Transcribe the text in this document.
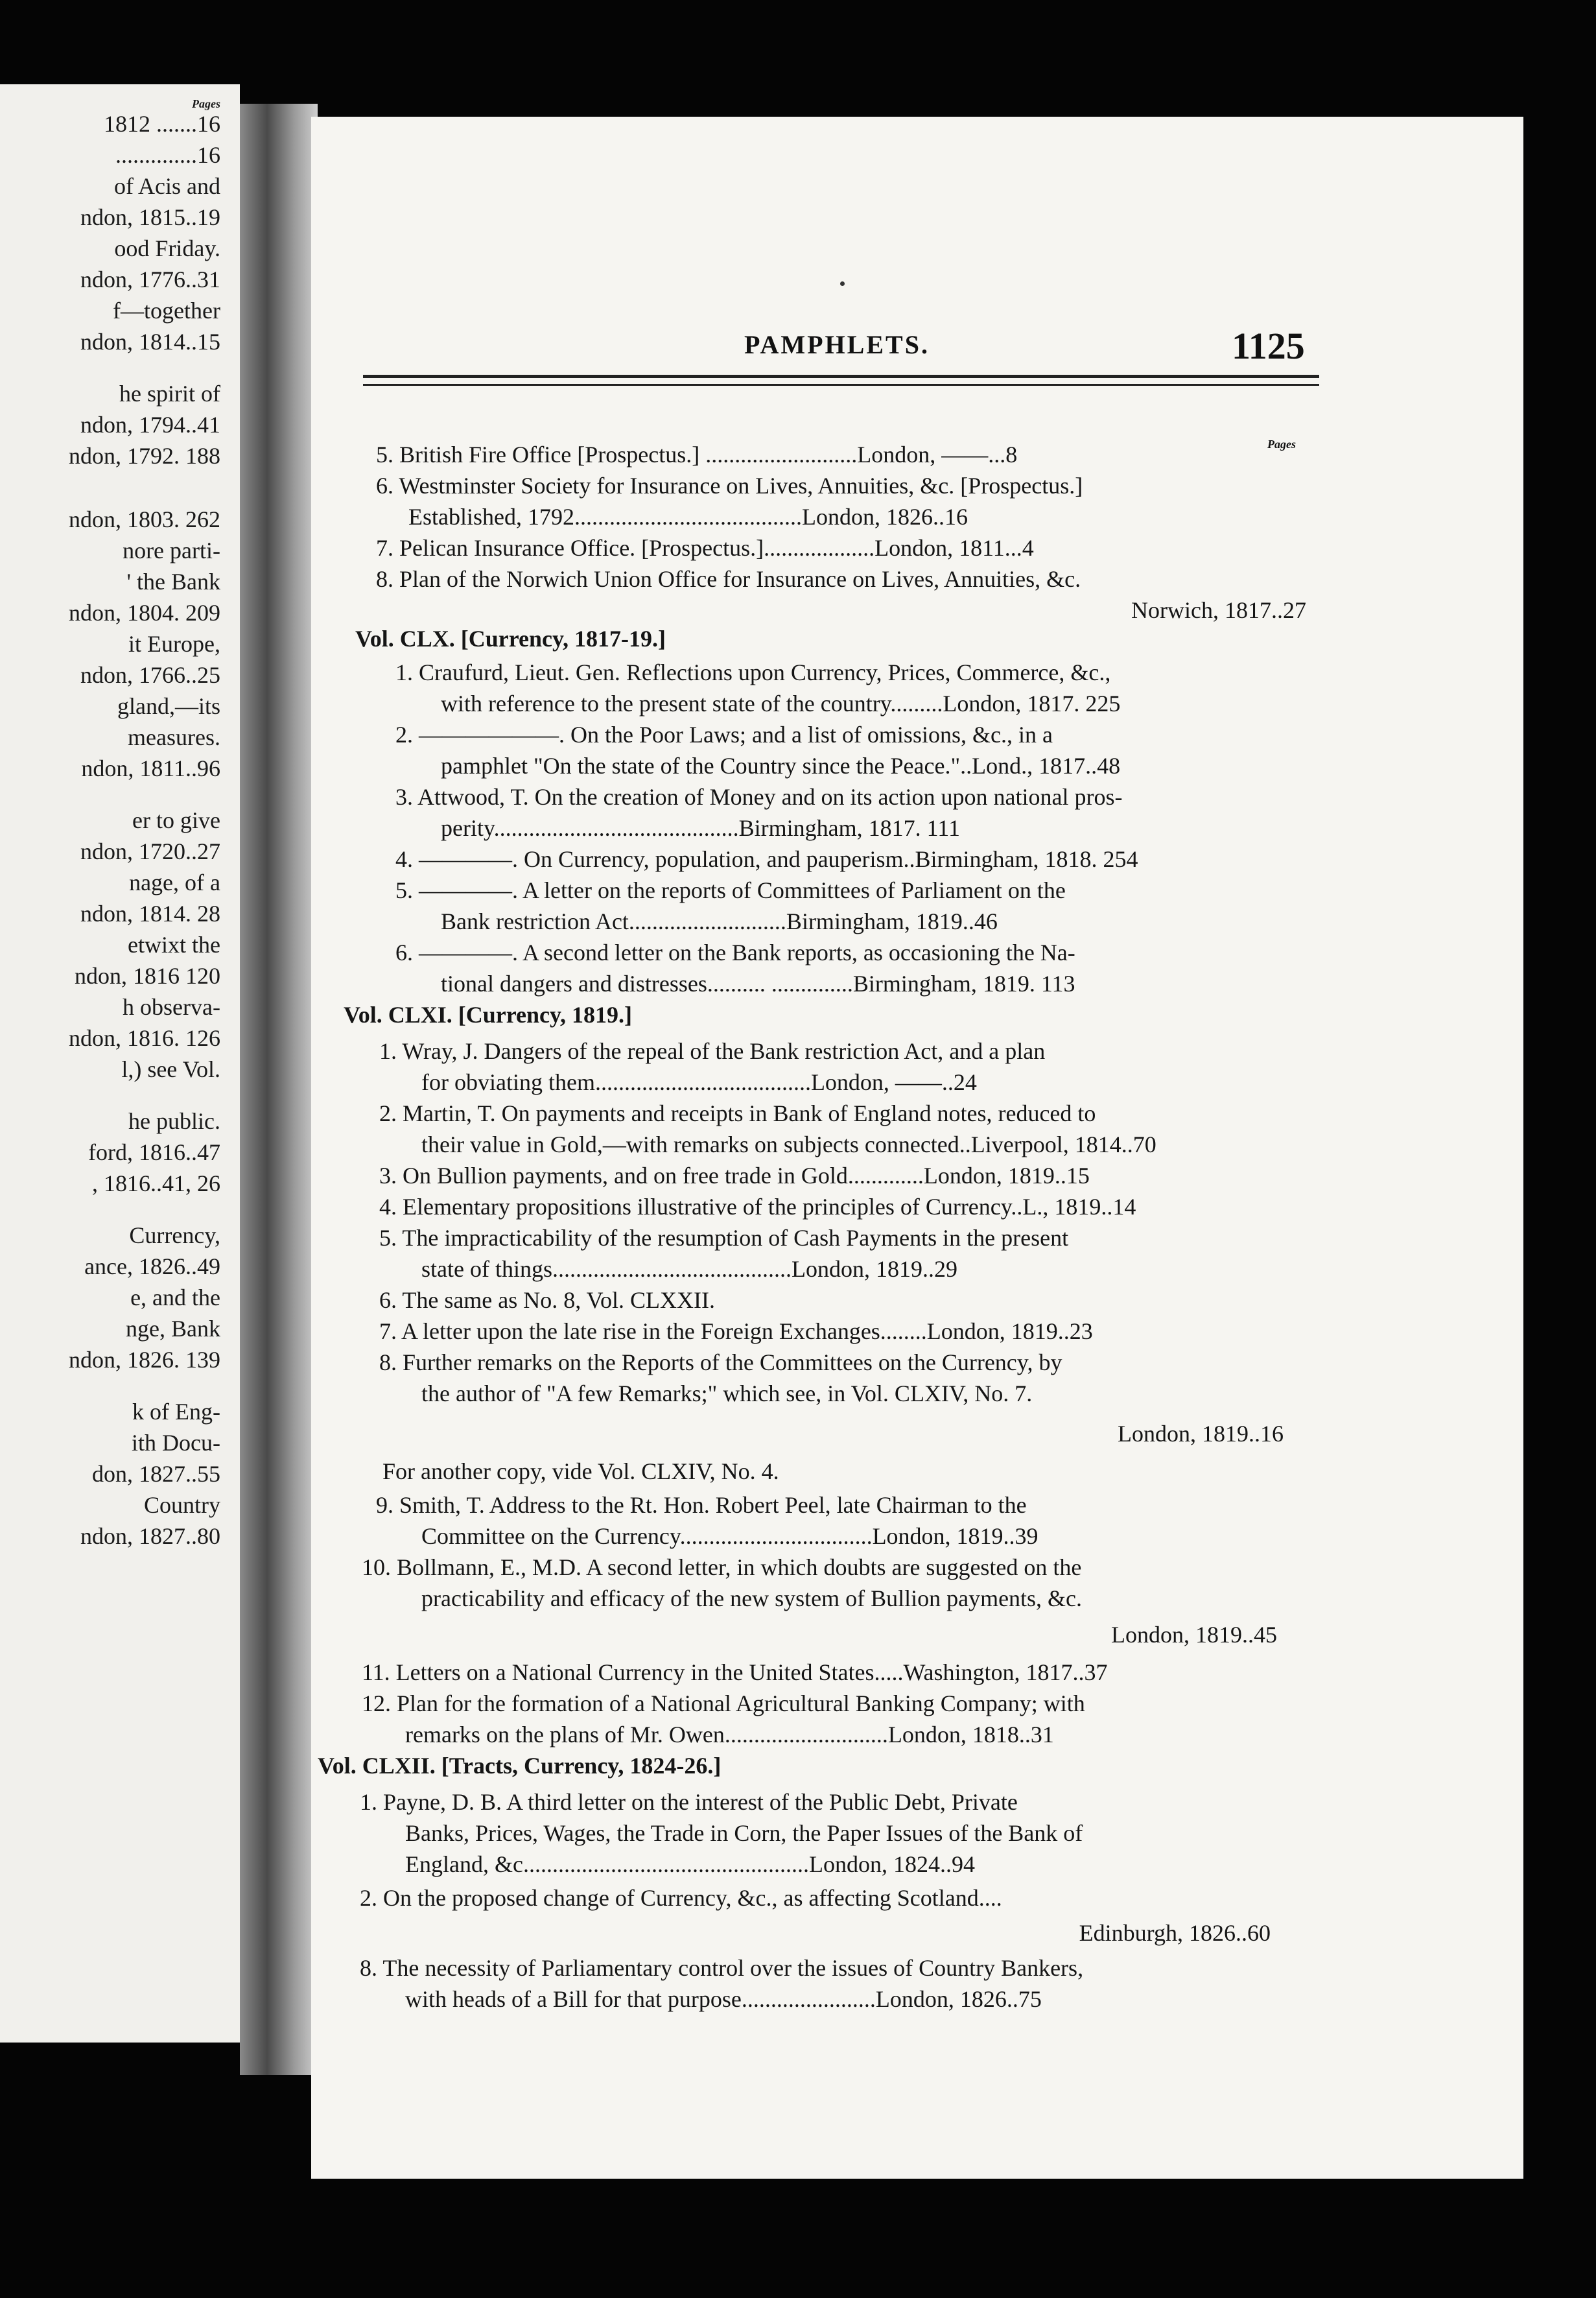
Pages
1812 .......16
..............16
of Acis and
ndon, 1815..19
ood Friday.
ndon, 1776..31
f—together
ndon, 1814..15
he spirit of
ndon, 1794..41
ndon, 1792. 188
ndon, 1803. 262
nore parti-
' the Bank
ndon, 1804. 209
it Europe,
ndon, 1766..25
gland,—its
measures.
ndon, 1811..96
er to give
ndon, 1720..27
nage, of a
ndon, 1814. 28
etwixt the
ndon, 1816 120
h observa-
ndon, 1816. 126
l,) see Vol.
he public.
ford, 1816..47
, 1816..41, 26
Currency,
ance, 1826..49
e, and the
nge, Bank
ndon, 1826. 139
k of Eng-
ith Docu-
don, 1827..55
Country
ndon, 1827..80
PAMPHLETS.	1125
Pages
5. British Fire Office [Prospectus.] ..........................London, ——...8
6. Westminster Society for Insurance on Lives, Annuities, &c. [Prospectus.]
Established, 1792.......................................London, 1826..16
7. Pelican Insurance Office. [Prospectus.]...................London, 1811...4
8. Plan of the Norwich Union Office for Insurance on Lives, Annuities, &c.
Norwich, 1817..27
Vol. CLX. [Currency, 1817-19.]
1. Craufurd, Lieut. Gen. Reflections upon Currency, Prices, Commerce, &c.,
with reference to the present state of the country.........London, 1817. 225
2. ——————. On the Poor Laws; and a list of omissions, &c., in a
pamphlet "On the state of the Country since the Peace."..Lond., 1817..48
3. Attwood, T. On the creation of Money and on its action upon national pros-
perity..........................................Birmingham, 1817. 111
4. ————. On Currency, population, and pauperism..Birmingham, 1818. 254
5. ————. A letter on the reports of Committees of Parliament on the
Bank restriction Act...........................Birmingham, 1819..46
6. ————. A second letter on the Bank reports, as occasioning the Na-
tional dangers and distresses.......... ..............Birmingham, 1819. 113
Vol. CLXI. [Currency, 1819.]
1. Wray, J. Dangers of the repeal of the Bank restriction Act, and a plan
for obviating them.....................................London, ——..24
2. Martin, T. On payments and receipts in Bank of England notes, reduced to
their value in Gold,—with remarks on subjects connected..Liverpool, 1814..70
3. On Bullion payments, and on free trade in Gold.............London, 1819..15
4. Elementary propositions illustrative of the principles of Currency..L., 1819..14
5. The impracticability of the resumption of Cash Payments in the present
state of things.........................................London, 1819..29
6. The same as No. 8, Vol. CLXXII.
7. A letter upon the late rise in the Foreign Exchanges........London, 1819..23
8. Further remarks on the Reports of the Committees on the Currency, by
the author of "A few Remarks;" which see, in Vol. CLXIV, No. 7.
London, 1819..16
For another copy, vide Vol. CLXIV, No. 4.
9. Smith, T. Address to the Rt. Hon. Robert Peel, late Chairman to the
Committee on the Currency.................................London, 1819..39
10. Bollmann, E., M.D. A second letter, in which doubts are suggested on the
practicability and efficacy of the new system of Bullion payments, &c.
London, 1819..45
11. Letters on a National Currency in the United States.....Washington, 1817..37
12. Plan for the formation of a National Agricultural Banking Company; with
remarks on the plans of Mr. Owen............................London, 1818..31
Vol. CLXII. [Tracts, Currency, 1824-26.]
1. Payne, D. B. A third letter on the interest of the Public Debt, Private
Banks, Prices, Wages, the Trade in Corn, the Paper Issues of the Bank of
England, &c.................................................London, 1824..94
2. On the proposed change of Currency, &c., as affecting Scotland....
Edinburgh, 1826..60
8. The necessity of Parliamentary control over the issues of Country Bankers,
with heads of a Bill for that purpose.......................London, 1826..75
